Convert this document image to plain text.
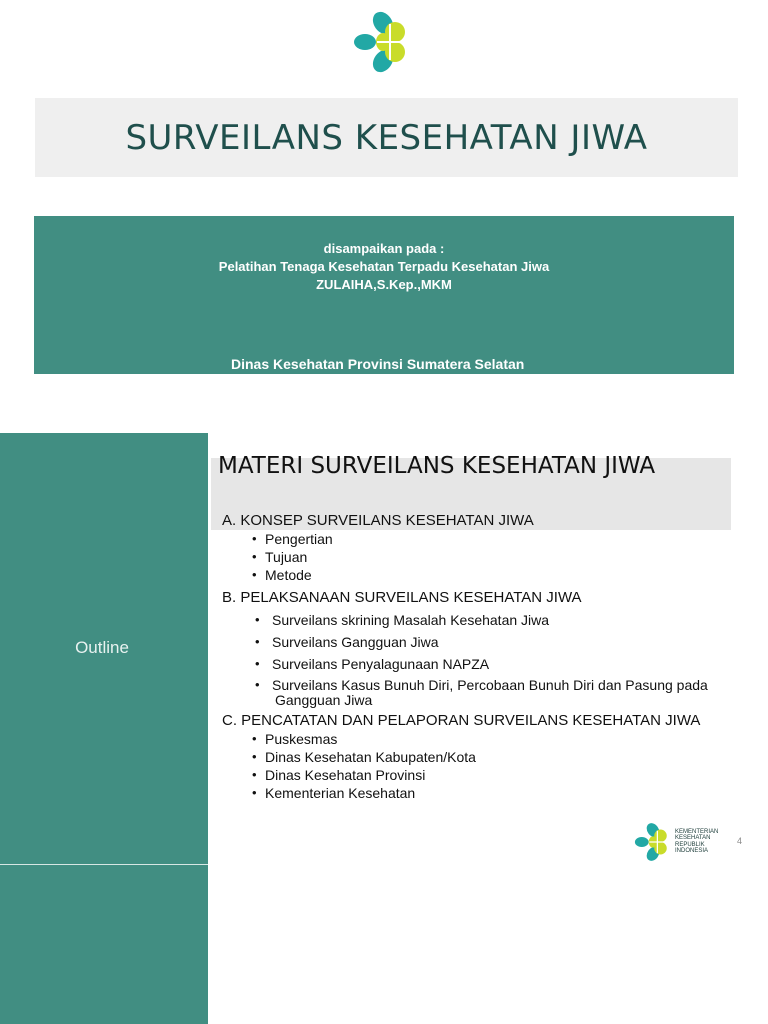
SURVEILANS KESEHATAN JIWA
disampaikan pada :
Pelatihan Tenaga Kesehatan Terpadu Kesehatan Jiwa
ZULAIHA,S.Kep.,MKM
Dinas Kesehatan Provinsi Sumatera Selatan
Outline
MATERI SURVEILANS KESEHATAN JIWA
A. KONSEP SURVEILANS KESEHATAN JIWA
• Pengertian
• Tujuan
• Metode
B. PELAKSANAAN SURVEILANS KESEHATAN JIWA
• Surveilans skrining Masalah Kesehatan Jiwa
• Surveilans Gangguan Jiwa
• Surveilans Penyalagunaan NAPZA
• Surveilans Kasus Bunuh Diri, Percobaan Bunuh Diri dan Pasung pada
Gangguan Jiwa
C. PENCATATAN DAN PELAPORAN SURVEILANS KESEHATAN JIWA
• Puskesmas
• Dinas Kesehatan Kabupaten/Kota
• Dinas Kesehatan Provinsi
• Kementerian Kesehatan
KEMENTERIAN
KESEHATAN
REPUBLIK
INDONESIA
4
